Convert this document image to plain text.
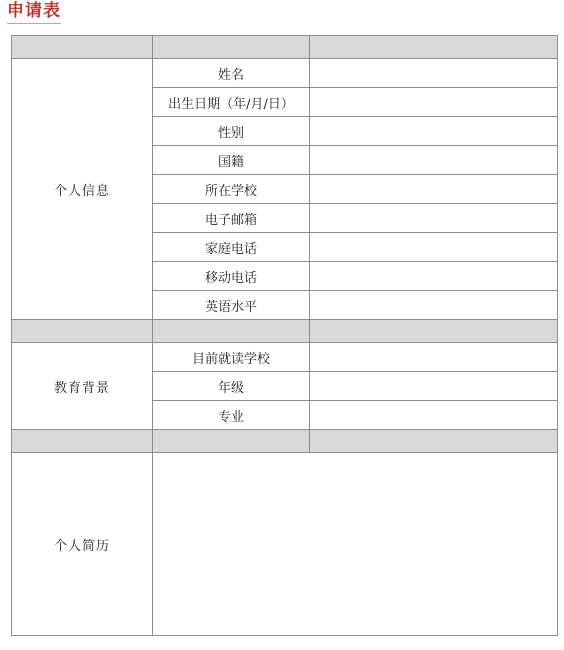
申请表

个人信息	姓名	
	出生日期（年/月/日）	
	性别	
	国籍	
	所在学校	
	电子邮箱	
	家庭电话	
	移动电话	
	英语水平	

教育背景	目前就读学校	
	年级	
	专业	

个人简历		
